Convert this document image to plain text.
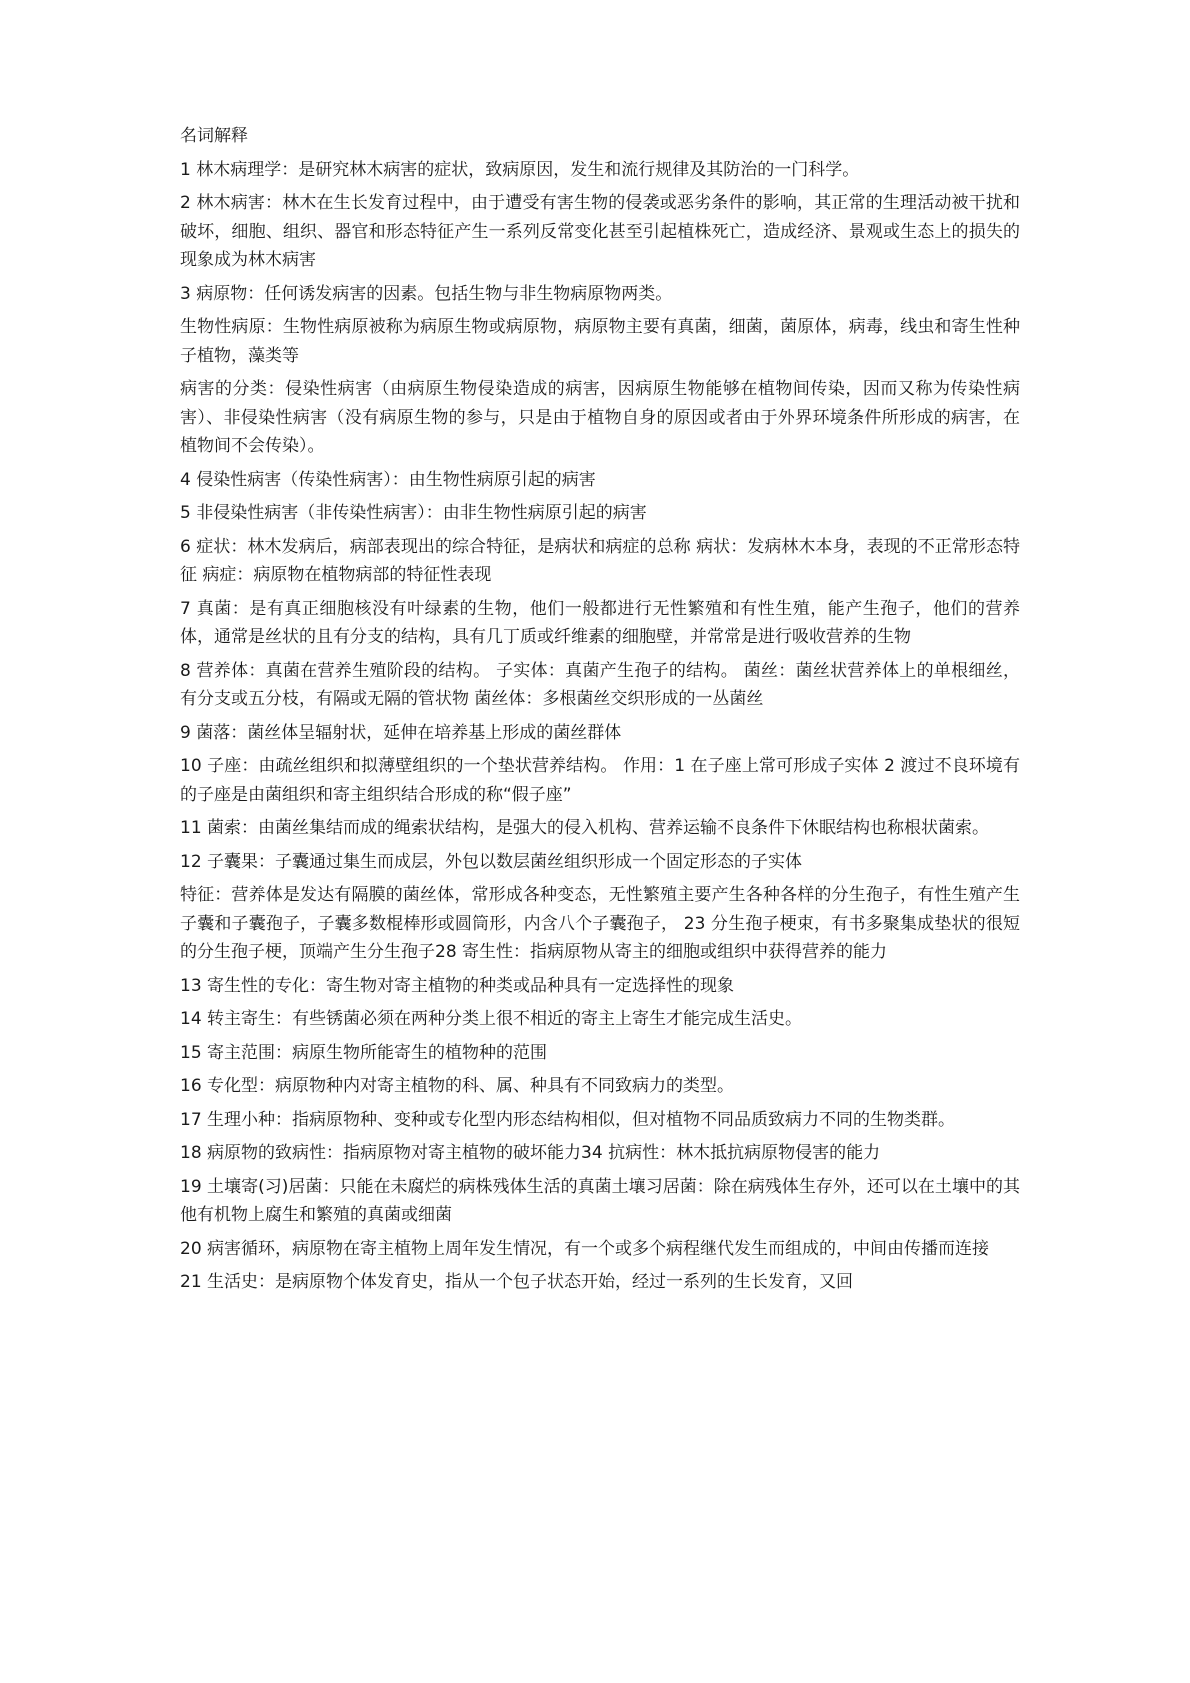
名词解释
1 林木病理学：是研究林木病害的症状，致病原因，发生和流行规律及其防治的一门科学。
2 林木病害：林木在生长发育过程中，由于遭受有害生物的侵袭或恶劣条件的影响，其正常的生理活动被干扰和破坏，细胞、组织、器官和形态特征产生一系列反常变化甚至引起植株死亡，造成经济、景观或生态上的损失的现象成为林木病害
3 病原物：任何诱发病害的因素。包括生物与非生物病原物两类。
生物性病原：生物性病原被称为病原生物或病原物，病原物主要有真菌，细菌，菌原体，病毒，线虫和寄生性种子植物，藻类等
病害的分类：侵染性病害（由病原生物侵染造成的病害，因病原生物能够在植物间传染，因而又称为传染性病害）、非侵染性病害（没有病原生物的参与，只是由于植物自身的原因或者由于外界环境条件所形成的病害，在植物间不会传染）。
4 侵染性病害（传染性病害）：由生物性病原引起的病害
5 非侵染性病害（非传染性病害）：由非生物性病原引起的病害
6 症状：林木发病后，病部表现出的综合特征，是病状和病症的总称 病状：发病林木本身，表现的不正常形态特征 病症：病原物在植物病部的特征性表现
7 真菌：是有真正细胞核没有叶绿素的生物，他们一般都进行无性繁殖和有性生殖，能产生孢子，他们的营养体，通常是丝状的且有分支的结构，具有几丁质或纤维素的细胞壁，并常常是进行吸收营养的生物
8 营养体：真菌在营养生殖阶段的结构。 子实体：真菌产生孢子的结构。 菌丝：菌丝状营养体上的单根细丝，有分支或五分枝，有隔或无隔的管状物 菌丝体：多根菌丝交织形成的一丛菌丝
9 菌落：菌丝体呈辐射状，延伸在培养基上形成的菌丝群体
10 子座：由疏丝组织和拟薄壁组织的一个垫状营养结构。 作用：1 在子座上常可形成子实体 2 渡过不良环境有的子座是由菌组织和寄主组织结合形成的称“假子座”
11 菌索：由菌丝集结而成的绳索状结构，是强大的侵入机构、营养运输不良条件下休眠结构也称根状菌索。
12 子囊果：子囊通过集生而成层，外包以数层菌丝组织形成一个固定形态的子实体
特征：营养体是发达有隔膜的菌丝体，常形成各种变态，无性繁殖主要产生各种各样的分生孢子，有性生殖产生子囊和子囊孢子，子囊多数棍棒形或圆筒形，内含八个子囊孢子， 23 分生孢子梗束，有书多聚集成垫状的很短的分生孢子梗，顶端产生分生孢子28 寄生性：指病原物从寄主的细胞或组织中获得营养的能力
13 寄生性的专化：寄生物对寄主植物的种类或品种具有一定选择性的现象
14 转主寄生：有些锈菌必须在两种分类上很不相近的寄主上寄生才能完成生活史。
15 寄主范围：病原生物所能寄生的植物种的范围
16 专化型：病原物种内对寄主植物的科、属、种具有不同致病力的类型。
17 生理小种：指病原物种、变种或专化型内形态结构相似，但对植物不同品质致病力不同的生物类群。
18 病原物的致病性：指病原物对寄主植物的破坏能力34 抗病性：林木抵抗病原物侵害的能力
19 土壤寄(习)居菌：只能在未腐烂的病株残体生活的真菌土壤习居菌：除在病残体生存外，还可以在土壤中的其他有机物上腐生和繁殖的真菌或细菌
20 病害循环，病原物在寄主植物上周年发生情况，有一个或多个病程继代发生而组成的，中间由传播而连接
21 生活史：是病原物个体发育史，指从一个包子状态开始，经过一系列的生长发育，又回
